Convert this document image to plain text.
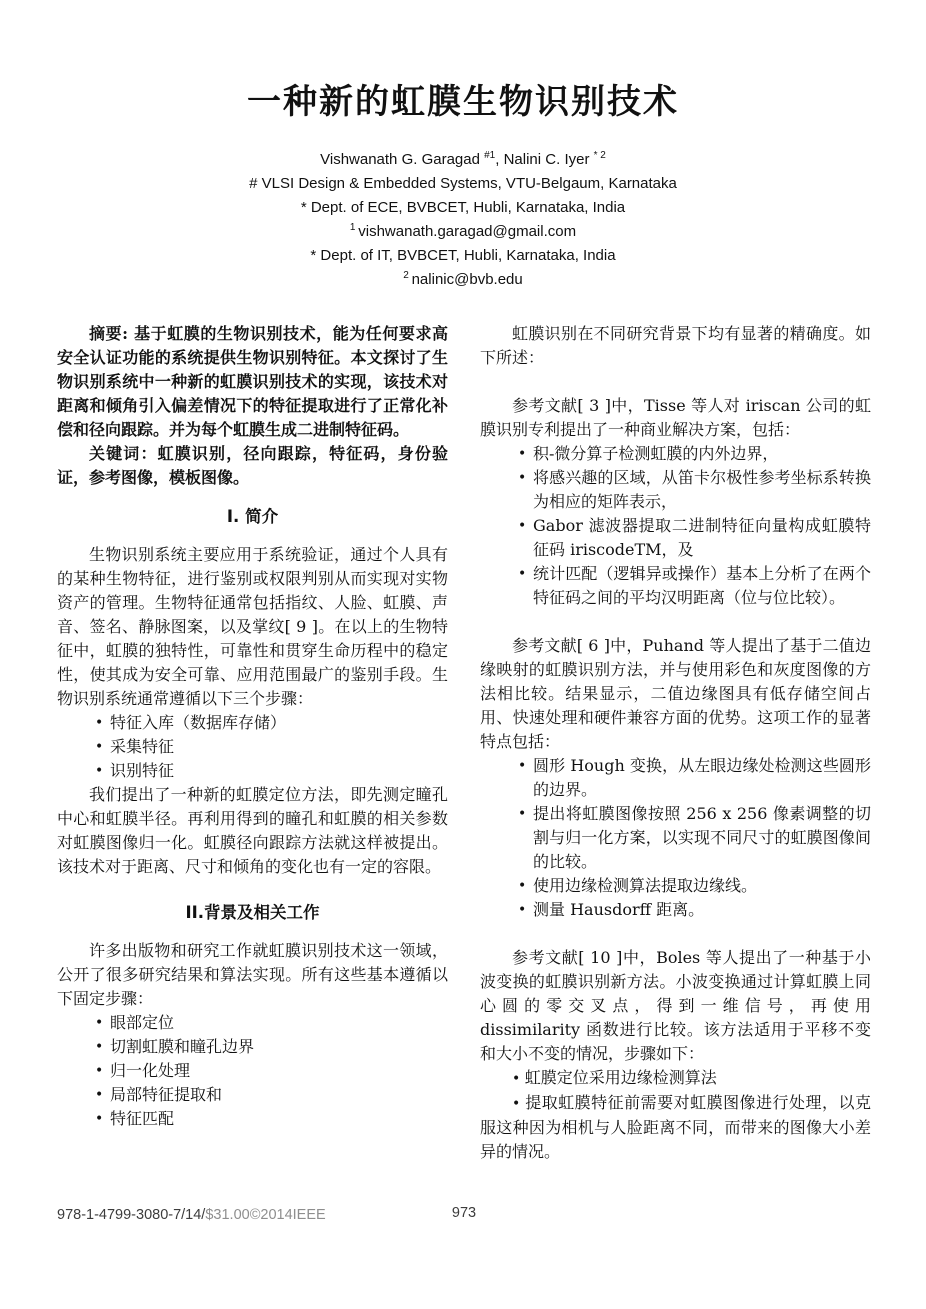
一种新的虹膜生物识别技术
Vishwanath G. Garagad $^{\#1}$, Nalini C. Iyer $^{* 2}$
# VLSI Design & Embedded Systems, VTU-Belgaum, Karnataka
* Dept. of ECE, BVBCET, Hubli, Karnataka, India
$^1$ vishwanath.garagad@gmail.com
* Dept. of IT, BVBCET, Hubli, Karnataka, India
$^2$ nalinic@bvb.edu

摘要: 基于虹膜的生物识别技术，能为任何要求高安全认证功能的系统提供生物识别特征。本文探讨了生物识别系统中一种新的虹膜识别技术的实现，该技术对距离和倾角引入偏差情况下的特征提取进行了正常化补偿和径向跟踪。并为每个虹膜生成二进制特征码。

关键词：虹膜识别，径向跟踪，特征码，身份验证，参考图像，模板图像。

I. 简介

生物识别系统主要应用于系统验证，通过个人具有的某种生物特征，进行鉴别或权限判别从而实现对实物资产的管理。生物特征通常包括指纹、人脸、虹膜、声音、签名、静脉图案，以及掌纹[ 9 ]。在以上的生物特征中，虹膜的独特性，可靠性和贯穿生命历程中的稳定性，使其成为安全可靠、应用范围最广的鉴别手段。生物识别系统通常遵循以下三个步骤：

• 特征入库（数据库存储）
• 采集特征
• 识别特征

我们提出了一种新的虹膜定位方法，即先测定瞳孔中心和虹膜半径。再利用得到的瞳孔和虹膜的相关参数对虹膜图像归一化。虹膜径向跟踪方法就这样被提出。该技术对于距离、尺寸和倾角的变化也有一定的容限。

II.背景及相关工作

许多出版物和研究工作就虹膜识别技术这一领域，公开了很多研究结果和算法实现。所有这些基本遵循以下固定步骤：

• 眼部定位
• 切割虹膜和瞳孔边界
• 归一化处理
• 局部特征提取和
• 特征匹配

虹膜识别在不同研究背景下均有显著的精确度。如下所述：

参考文献[ 3 ]中，Tisse 等人对 iriscan 公司的虹膜识别专利提出了一种商业解决方案，包括：

• 积-微分算子检测虹膜的内外边界，
• 将感兴趣的区域，从笛卡尔极性参考坐标系转换为相应的矩阵表示，
• Gabor 滤波器提取二进制特征向量构成虹膜特征码 iriscodeTM，及
• 统计匹配（逻辑异或操作）基本上分析了在两个特征码之间的平均汉明距离（位与位比较）。

参考文献[ 6 ]中，Puhand 等人提出了基于二值边缘映射的虹膜识别方法，并与使用彩色和灰度图像的方法相比较。结果显示，二值边缘图具有低存储空间占用、快速处理和硬件兼容方面的优势。这项工作的显著特点包括：

• 圆形 Hough 变换，从左眼边缘处检测这些圆形的边界。
• 提出将虹膜图像按照 256 x 256 像素调整的切割与归一化方案，以实现不同尺寸的虹膜图像间的比较。
• 使用边缘检测算法提取边缘线。
• 测量 Hausdorff 距离。

参考文献[ 10 ]中，Boles 等人提出了一种基于小波变换的虹膜识别新方法。小波变换通过计算虹膜上同心圆的零交叉点，得到一维信号，再使用 dissimilarity 函数进行比较。该方法适用于平移不变和大小不变的情况，步骤如下：

• 虹膜定位采用边缘检测算法

• 提取虹膜特征前需要对虹膜图像进行处理，以克服这种因为相机与人脸距离不同，而带来的图像大小差异的情况。

978-1-4799-3080-7/14/$31.00©2014IEEE	973
